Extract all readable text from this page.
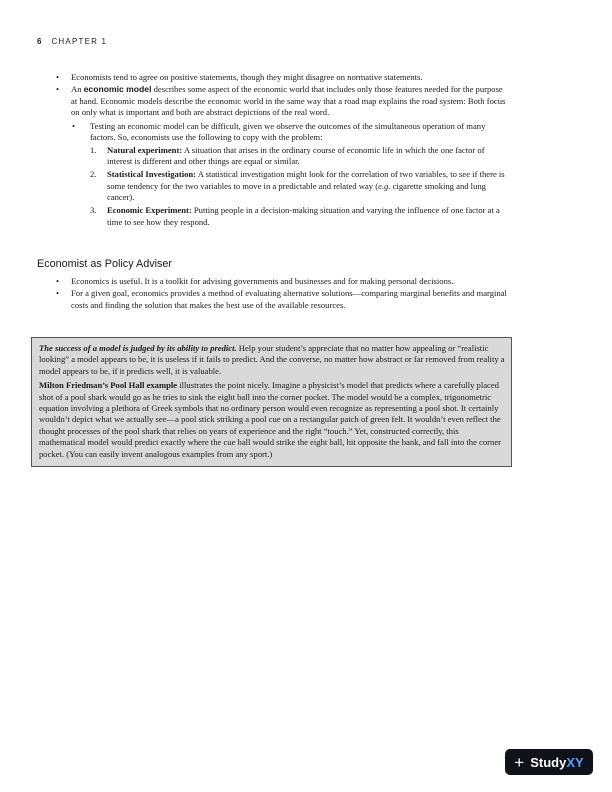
6 CHAPTER 1
• Economists tend to agree on positive statements, though they might disagree on normative statements.
• An economic model describes some aspect of the economic world that includes only those features needed for the purpose at hand. Economic models describe the economic world in the same way that a road map explains the road system: Both focus on only what is important and both are abstract depictions of the real word.
• Testing an economic model can be difficult, given we observe the outcomes of the simultaneous operation of many factors. So, economists use the following to copy with the problem:
1. Natural experiment: A situation that arises in the ordinary course of economic life in which the one factor of interest is different and other things are equal or similar.
2. Statistical Investigation: A statistical investigation might look for the correlation of two variables, to see if there is some tendency for the two variables to move in a predictable and related way (e.g. cigarette smoking and lung cancer).
3. Economic Experiment: Putting people in a decision-making situation and varying the influence of one factor at a time to see how they respond.
Economist as Policy Adviser
• Economics is useful. It is a toolkit for advising governments and businesses and for making personal decisions.
• For a given goal, economics provides a method of evaluating alternative solutions—comparing marginal benefits and marginal costs and finding the solution that makes the best use of the available resources.

The success of a model is judged by its ability to predict. Help your student’s appreciate that no matter how appealing or “realistic looking” a model appears to be, it is useless if it fails to predict. And the converse, no matter how abstract or far removed from reality a model appears to be, if it predicts well, it is valuable.

Milton Friedman’s Pool Hall example illustrates the point nicely. Imagine a physicist’s model that predicts where a carefully placed shot of a pool shark would go as he tries to sink the eight ball into the corner pocket. The model would be a complex, trigonometric equation involving a plethora of Greek symbols that no ordinary person would even recognize as representing a pool shot. It certainly wouldn’t depict what we actually see—a pool stick striking a pool cue on a rectangular patch of green felt. It wouldn’t even reflect the thought processes of the pool shark that relies on years of experience and the right “touch.” Yet, constructed correctly, this mathematical model would predict exactly where the cue ball would strike the eight ball, hit opposite the bank, and fall into the corner pocket. (You can easily invent analogous examples from any sport.)

+ Study XY
